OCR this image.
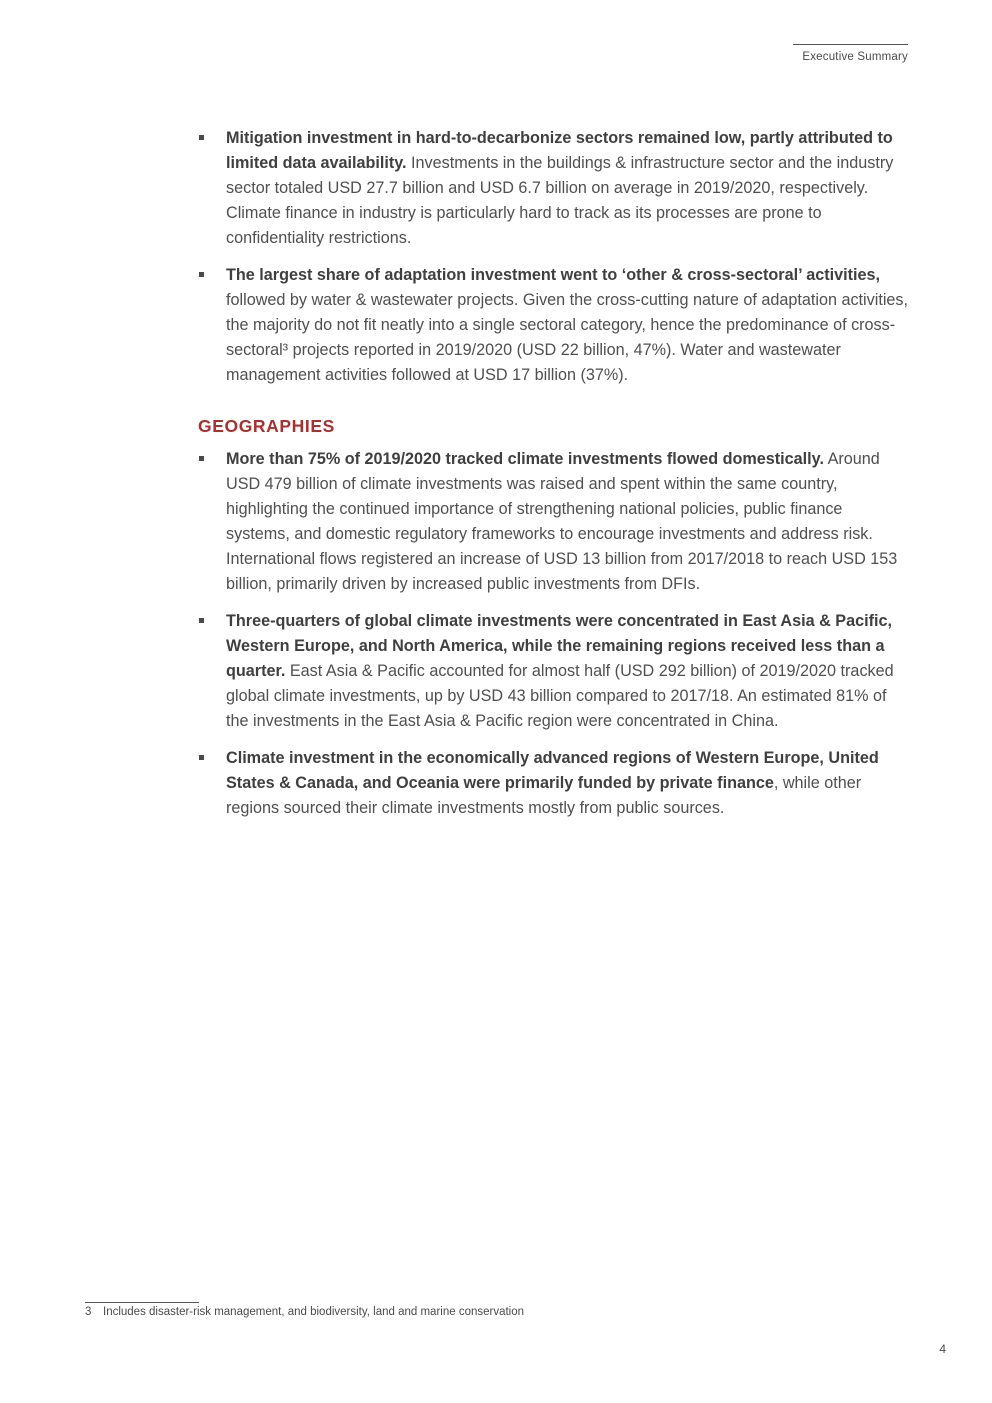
Executive Summary
Mitigation investment in hard-to-decarbonize sectors remained low, partly attributed to limited data availability. Investments in the buildings & infrastructure sector and the industry sector totaled USD 27.7 billion and USD 6.7 billion on average in 2019/2020, respectively. Climate finance in industry is particularly hard to track as its processes are prone to confidentiality restrictions.
The largest share of adaptation investment went to ‘other & cross-sectoral’ activities, followed by water & wastewater projects. Given the cross-cutting nature of adaptation activities, the majority do not fit neatly into a single sectoral category, hence the predominance of cross-sectoral³ projects reported in 2019/2020 (USD 22 billion, 47%). Water and wastewater management activities followed at USD 17 billion (37%).
GEOGRAPHIES
More than 75% of 2019/2020 tracked climate investments flowed domestically. Around USD 479 billion of climate investments was raised and spent within the same country, highlighting the continued importance of strengthening national policies, public finance systems, and domestic regulatory frameworks to encourage investments and address risk. International flows registered an increase of USD 13 billion from 2017/2018 to reach USD 153 billion, primarily driven by increased public investments from DFIs.
Three-quarters of global climate investments were concentrated in East Asia & Pacific, Western Europe, and North America, while the remaining regions received less than a quarter. East Asia & Pacific accounted for almost half (USD 292 billion) of 2019/2020 tracked global climate investments, up by USD 43 billion compared to 2017/18. An estimated 81% of the investments in the East Asia & Pacific region were concentrated in China.
Climate investment in the economically advanced regions of Western Europe, United States & Canada, and Oceania were primarily funded by private finance, while other regions sourced their climate investments mostly from public sources.
3 Includes disaster-risk management, and biodiversity, land and marine conservation
4
